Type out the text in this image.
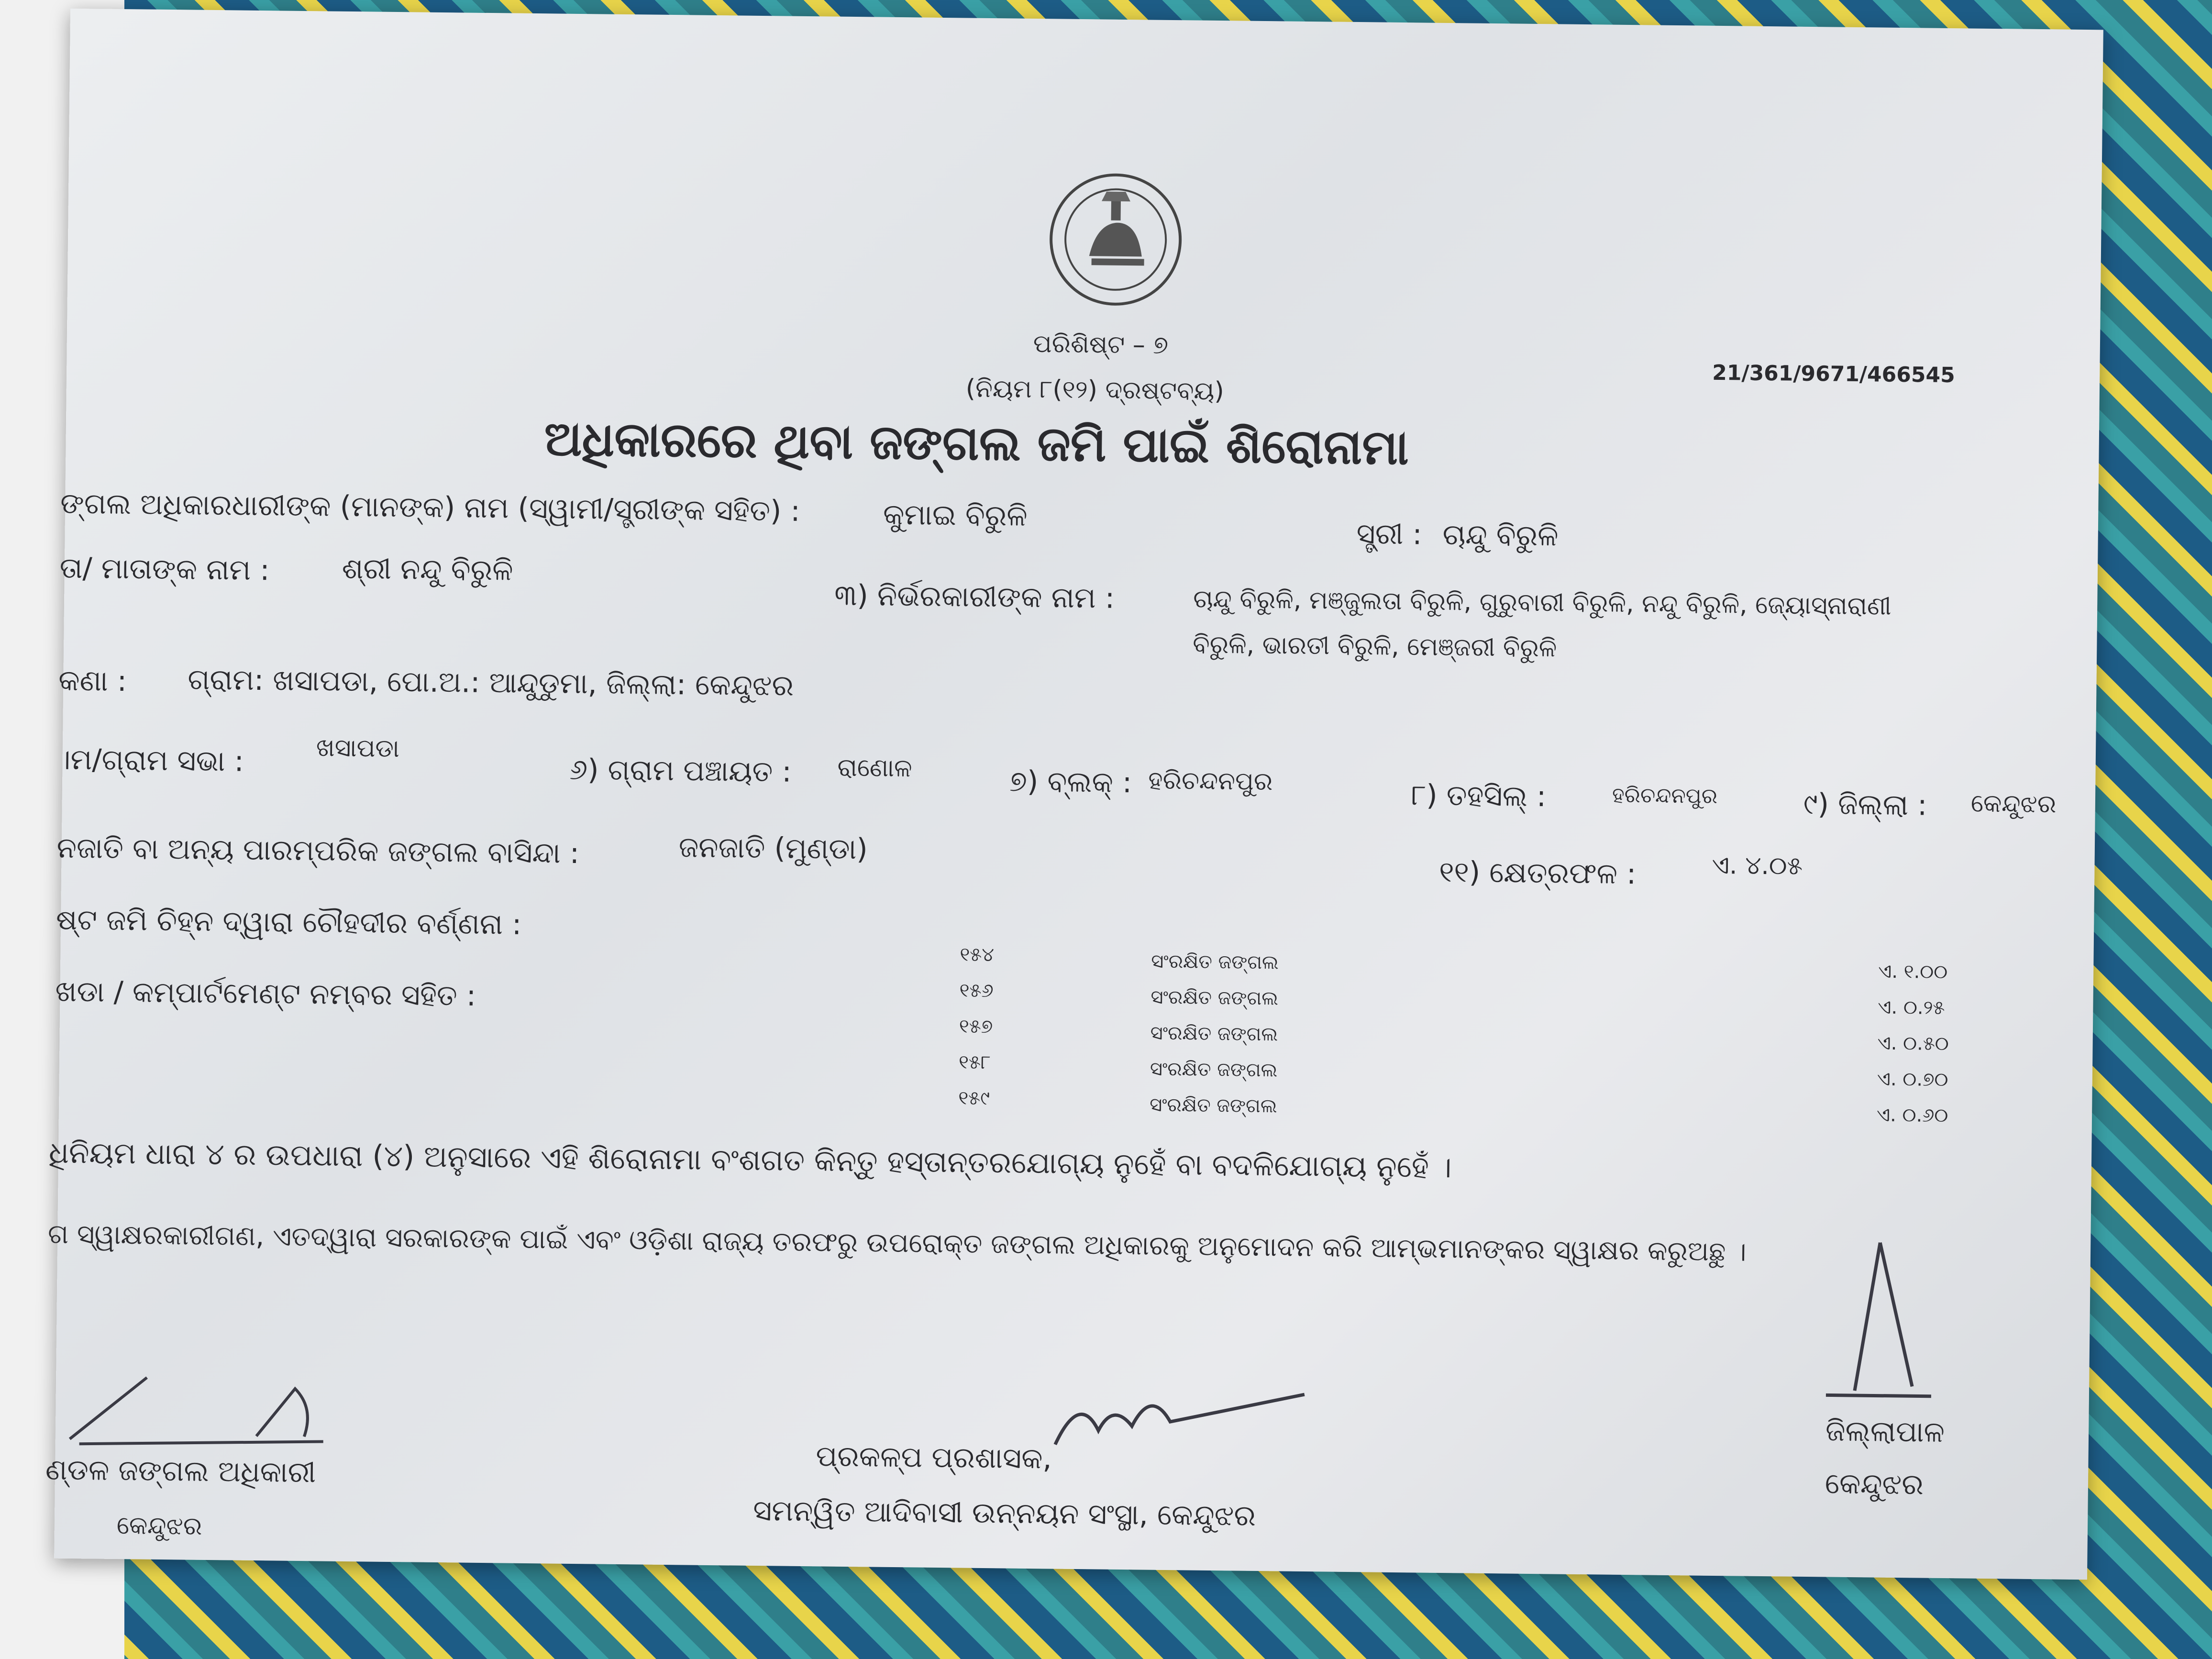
ପରିଶିଷ୍ଟ – ୭
(ନିୟମ ୮(୧୨) ଦ୍ରଷ୍ଟବ୍ୟ)
21/361/9671/466545
ଅଧିକାରରେ ଥିବା ଜଙ୍ଗଲ ଜମି ପାଇଁ ଶିରୋନାମା
ଙ୍ଗଲ ଅଧିକାରଧାରୀଙ୍କ (ମାନଙ୍କ) ନାମ (ସ୍ୱାମୀ/ସ୍ତ୍ରୀଙ୍କ ସହିତ) :	କୁମାଇ ବିରୁଳି
ସ୍ତ୍ରୀ : ଚାନ୍ଦୁ ବିରୁଳି
ତା/ ମାତାଙ୍କ ନାମ :	ଶ୍ରୀ ନନ୍ଦୁ ବିରୁଳି
୩) ନିର୍ଭରକାରୀଙ୍କ ନାମ :	ଚାନ୍ଦୁ ବିରୁଳି, ମଞ୍ଜୁଲତା ବିରୁଳି, ଗୁରୁବାରୀ ବିରୁଳି, ନନ୍ଦୁ ବିରୁଳି, ଜ୍ୟୋସ୍ନାରାଣୀ
ବିରୁଳି, ଭାରତୀ ବିରୁଳି, ମେଞ୍ଜରୀ ବିରୁଳି
କଣା : ଗ୍ରାମ: ଖସାପଡା, ପୋ.ଅ.: ଆନ୍ଦୁଡୁମା, ଜିଲ୍ଲା: କେନ୍ଦୁଝର
।ମ/ଗ୍ରାମ ସଭା :	ଖସାପଡା
୬) ଗ୍ରାମ ପଞ୍ଚାୟତ : ରାଣୋଳ	୭) ବ୍ଲକ୍ : ହରିଚନ୍ଦନପୁର	୮) ତହସିଲ୍ :	ହରିଚନ୍ଦନପୁର	୯) ଜିଲ୍ଲା : କେନ୍ଦୁଝର
ନଜାତି ବା ଅନ୍ୟ ପାରମ୍ପରିକ ଜଙ୍ଗଲ ବାସିନ୍ଦା :	ଜନଜାତି (ମୁଣ୍ଡା)
୧୧) କ୍ଷେତ୍ରଫଳ :	ଏ. ୪.୦୫
ଷ୍ଟ ଜମି ଚିହ୍ନ ଦ୍ୱାରା ଚୌହଦୀର ବର୍ଣ୍ଣନା :
ଖଡା / କମ୍ପାର୍ଟମେଣ୍ଟ ନମ୍ବର ସହିତ :
୧୫୪	ସଂରକ୍ଷିତ ଜଙ୍ଗଲ	ଏ. ୧.୦୦
୧୫୬	ସଂରକ୍ଷିତ ଜଙ୍ଗଲ	ଏ. ୦.୨୫
୧୫୭	ସଂରକ୍ଷିତ ଜଙ୍ଗଲ	ଏ. ୦.୫୦
୧୫୮	ସଂରକ୍ଷିତ ଜଙ୍ଗଲ	ଏ. ୦.୭୦
୧୫୯	ସଂରକ୍ଷିତ ଜଙ୍ଗଲ	ଏ. ୦.୬୦
ଧିନିୟମ ଧାରା ୪ ର ଉପଧାରା (୪) ଅନୁସାରେ ଏହି ଶିରୋନାମା ବଂଶଗତ କିନ୍ତୁ ହସ୍ତାନ୍ତରଯୋଗ୍ୟ ନୁହେଁ ବା ବଦଳିଯୋଗ୍ୟ ନୁହେଁ ।
ଗ ସ୍ୱାକ୍ଷରକାରୀଗଣ, ଏତଦ୍ୱାରା ସରକାରଙ୍କ ପାଇଁ ଏବଂ ଓଡ଼ିଶା ରାଜ୍ୟ ତରଫରୁ ଉପରୋକ୍ତ ଜଙ୍ଗଲ ଅଧିକାରକୁ ଅନୁମୋଦନ କରି ଆମ୍ଭମାନଙ୍କର ସ୍ୱାକ୍ଷର କରୁଅଛୁ ।
ଣ୍ଡଳ ଜଙ୍ଗଲ ଅଧିକାରୀ
କେନ୍ଦୁଝର
ପ୍ରକଳ୍ପ ପ୍ରଶାସକ,
ସମନ୍ୱିତ ଆଦିବାସୀ ଉନ୍ନୟନ ସଂସ୍ଥା, କେନ୍ଦୁଝର
ଜିଲ୍ଲାପାଳ
କେନ୍ଦୁଝର
